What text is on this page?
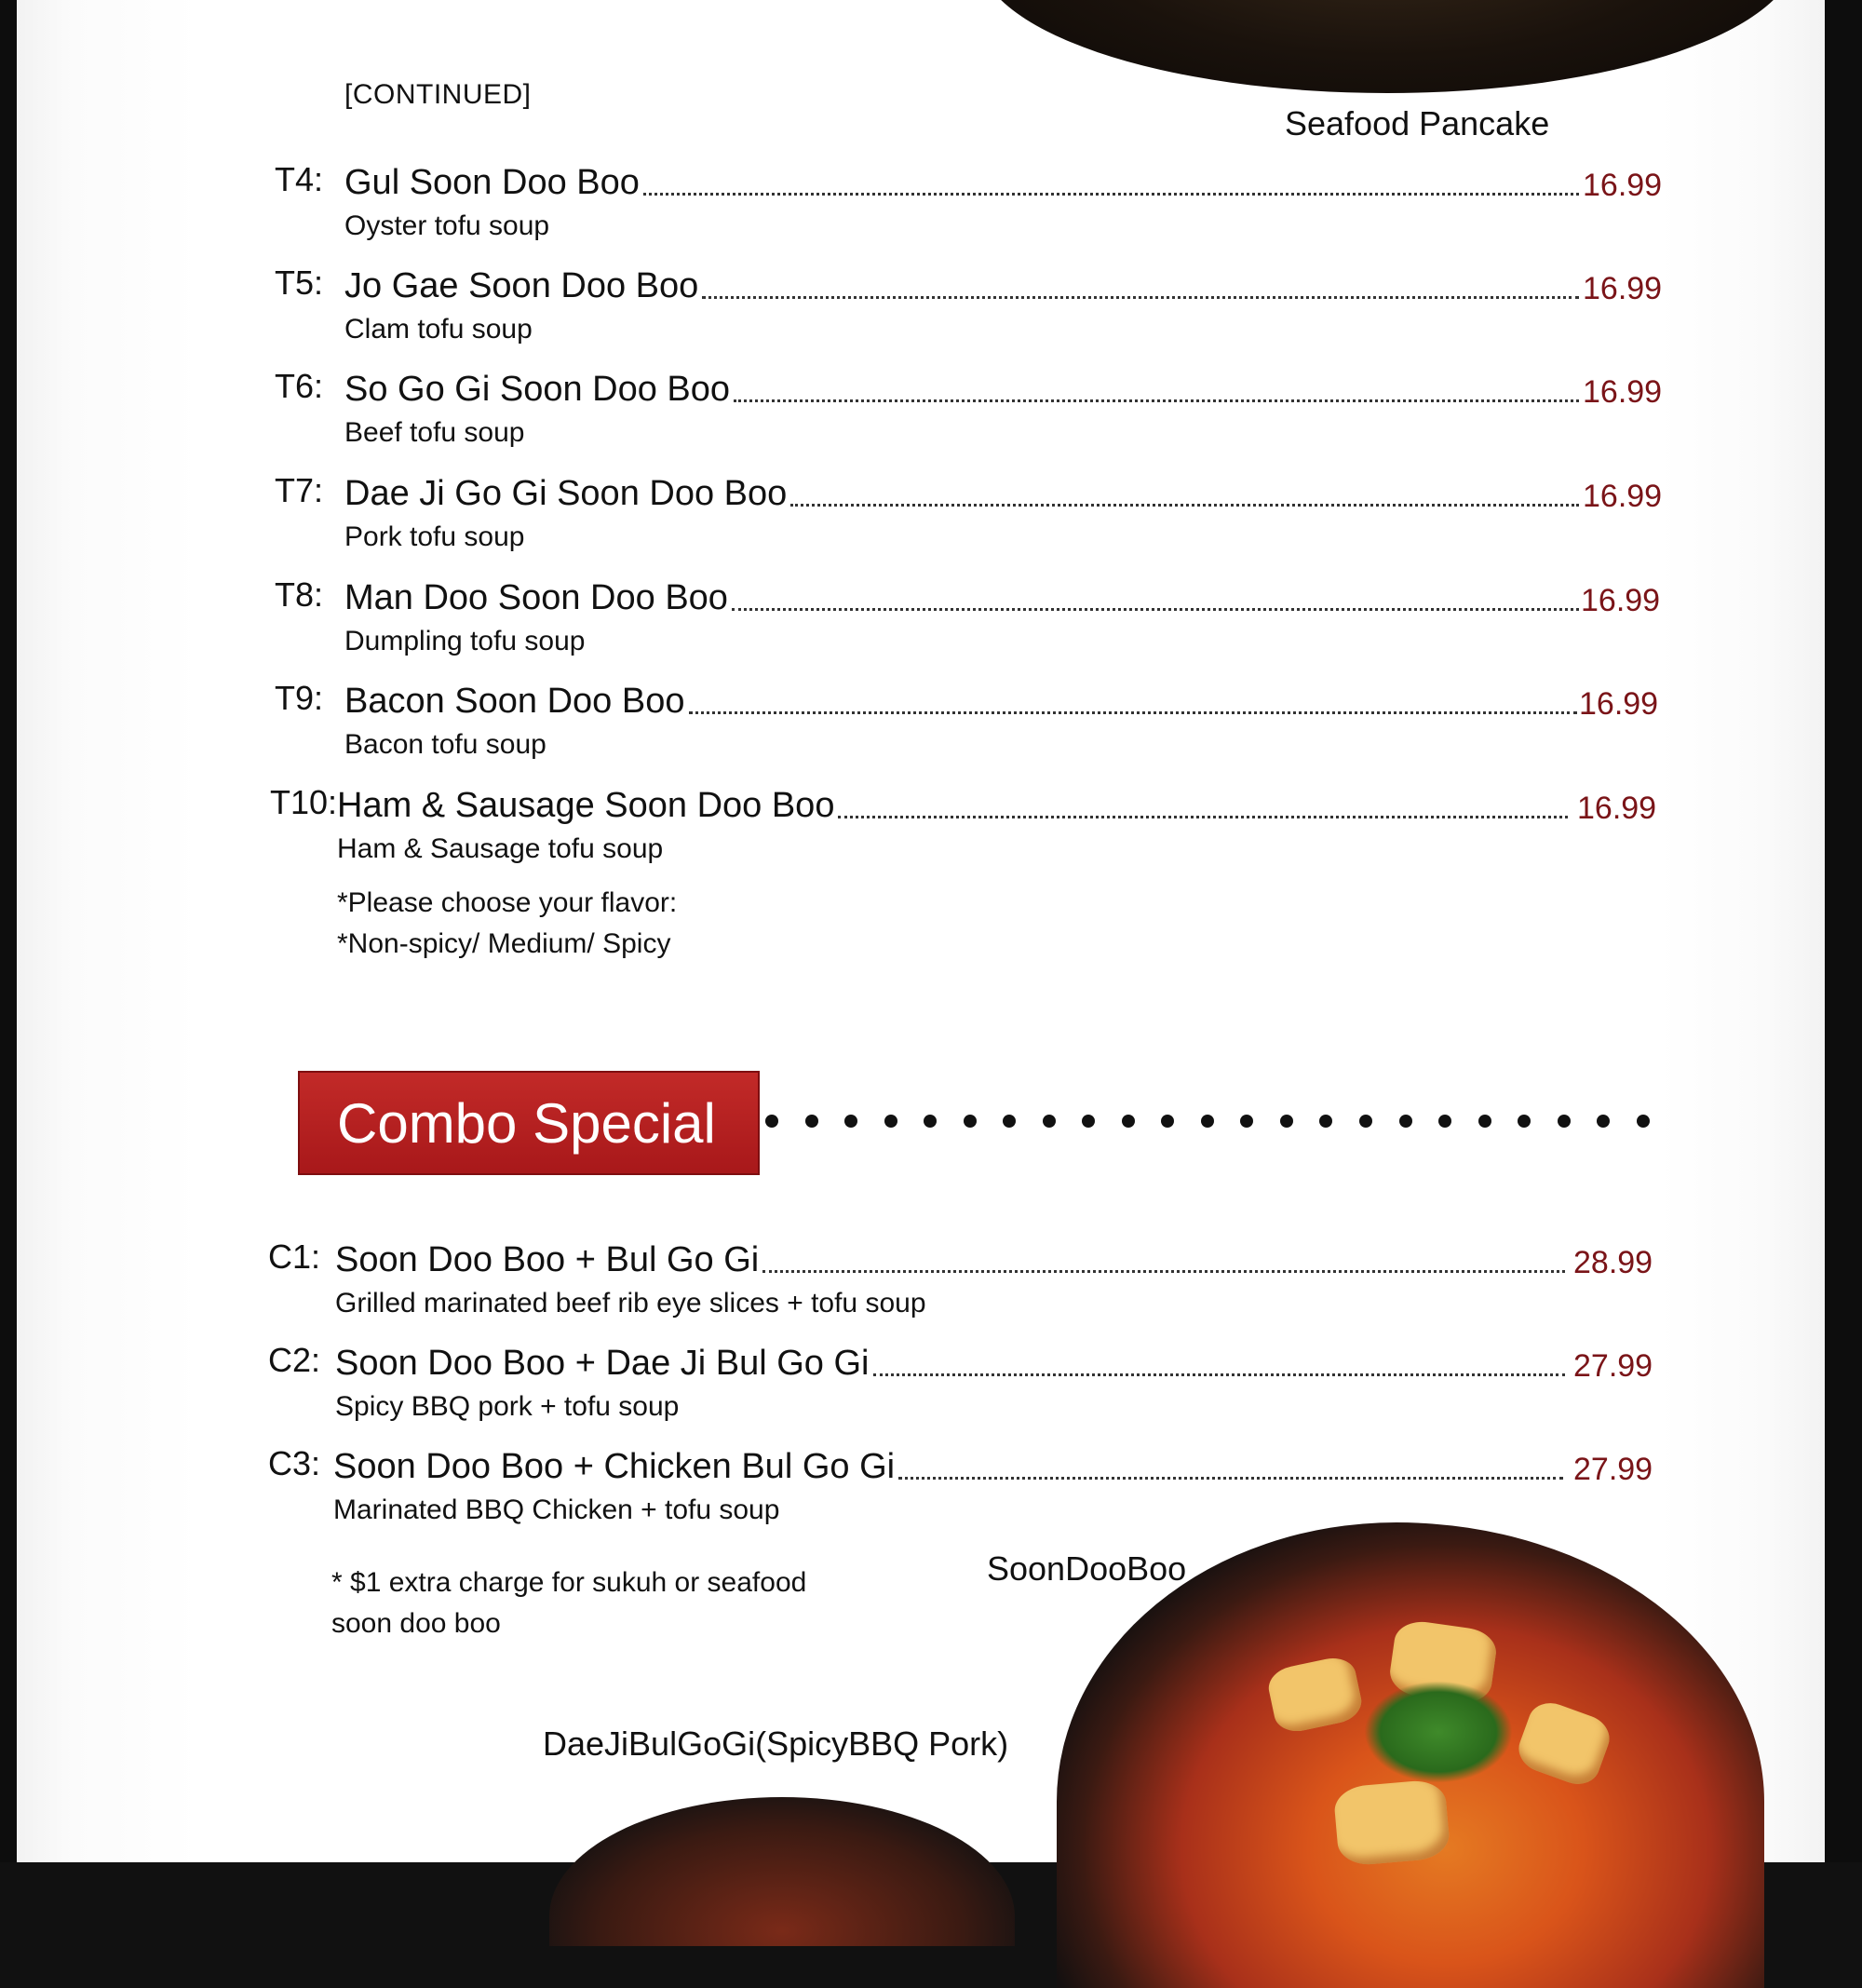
[CONTINUED]
Seafood Pancake
T4: Gul Soon Doo Boo	16.99
Oyster tofu soup
T5: Jo Gae Soon Doo Boo	16.99
Clam tofu soup
T6: So Go Gi Soon Doo Boo	16.99
Beef tofu soup
T7: Dae Ji Go Gi Soon Doo Boo	16.99
Pork tofu soup
T8: Man Doo Soon Doo Boo	16.99
Dumpling tofu soup
T9: Bacon Soon Doo Boo	16.99
Bacon tofu soup
T10: Ham & Sausage Soon Doo Boo	16.99
Ham & Sausage tofu soup
*Please choose your flavor:
*Non-spicy/ Medium/ Spicy
Combo Special
C1: Soon Doo Boo + Bul Go Gi	28.99
Grilled marinated beef rib eye slices + tofu soup
C2: Soon Doo Boo + Dae Ji Bul Go Gi	27.99
Spicy BBQ pork + tofu soup
C3: Soon Doo Boo + Chicken Bul Go Gi	27.99
Marinated BBQ Chicken + tofu soup
* $1 extra charge for sukuh or seafood
soon doo boo
SoonDooBoo
DaeJiBulGoGi(SpicyBBQ Pork)
